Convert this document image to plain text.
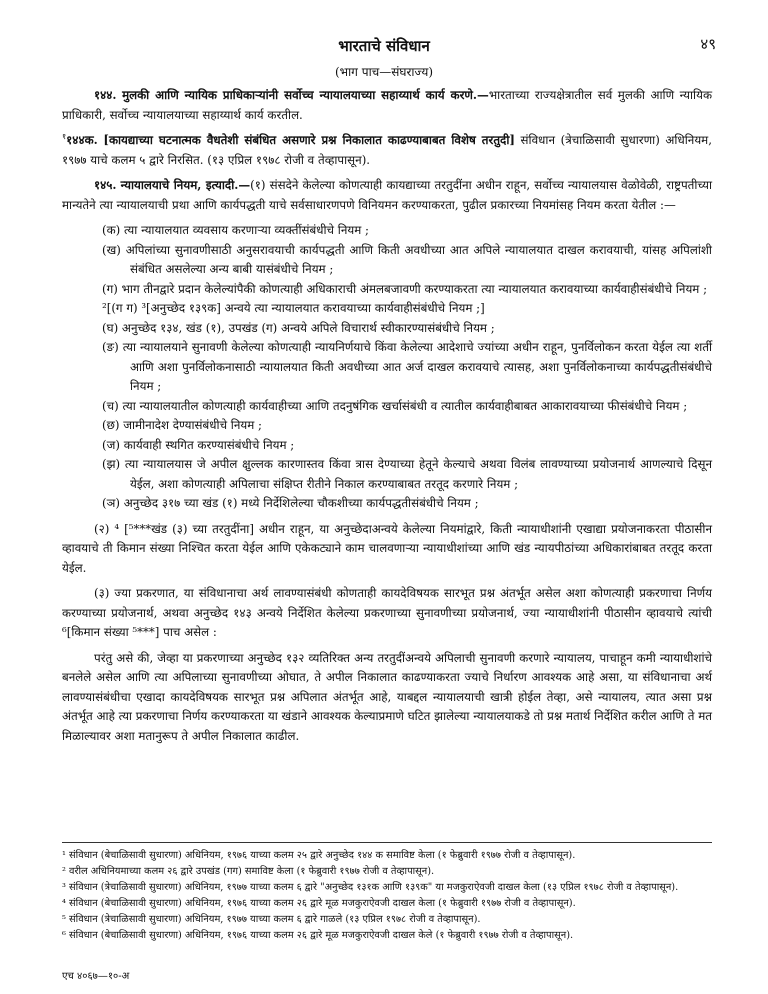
भारताचे संविधान	४९
(भाग पाच—संघराज्य)

१४४. मुलकी आणि न्यायिक प्राधिकाऱ्यांनी सर्वोच्च न्यायालयाच्या सहाय्यार्थ कार्य करणे.—भारताच्या राज्यक्षेत्रातील सर्व मुलकी आणि न्यायिक प्राधिकारी, सर्वोच्च न्यायालयाच्या सहाय्यार्थ कार्य करतील.

$^१$१४४क. [कायद्याच्या घटनात्मक वैधतेशी संबंधित असणारे प्रश्न निकालात काढण्याबाबत विशेष तरतुदी] संविधान (त्रेचाळिसावी सुधारणा) अधिनियम, १९७७ याचे कलम ५ द्वारे निरसित. (१३ एप्रिल १९७८ रोजी व तेव्हापासून).

१४५. न्यायालयाचे नियम, इत्यादी.—(१) संसदेने केलेल्या कोणत्याही कायद्याच्या तरतुदींना अधीन राहून, सर्वोच्च न्यायालयास वेळोवेळी, राष्ट्रपतीच्या मान्यतेने त्या न्यायालयाची प्रथा आणि कार्यपद्धती याचे सर्वसाधारणपणे विनियमन करण्याकरता, पुढील प्रकारच्या नियमांसह नियम करता येतील :—

(क) त्या न्यायालयात व्यवसाय करणाऱ्या व्यक्तींसंबंधीचे नियम ;

(ख) अपिलांच्या सुनावणीसाठी अनुसरावयाची कार्यपद्धती आणि किती अवधीच्या आत अपिले न्यायालयात दाखल करावयाची, यांसह अपिलांशी संबंधित असलेल्या अन्य बाबी यासंबंधीचे नियम ;

(ग) भाग तीनद्वारे प्रदान केलेल्यांपैकी कोणत्याही अधिकाराची अंमलबजावणी करण्याकरता त्या न्यायालयात करावयाच्या कार्यवाहीसंबंधीचे नियम ;

²[(ग ग) ³[अनुच्छेद १३९क] अन्वये त्या न्यायालयात करावयाच्या कार्यवाहीसंबंधीचे नियम ;]

(घ) अनुच्छेद १३४, खंड (१), उपखंड (ग) अन्वये अपिले विचारार्थ स्वीकारण्यासंबंधीचे नियम ;

(ङ) त्या न्यायालयाने सुनावणी केलेल्या कोणत्याही न्यायनिर्णयाचे किंवा केलेल्या आदेशाचे ज्यांच्या अधीन राहून, पुनर्विलोकन करता येईल त्या शर्ती आणि अशा पुनर्विलोकनासाठी न्यायालयात किती अवधीच्या आत अर्ज दाखल करावयाचे त्यासह, अशा पुनर्विलोकनाच्या कार्यपद्धतीसंबंधीचे नियम ;

(च) त्या न्यायालयातील कोणत्याही कार्यवाहीच्या आणि तदनुषंगिक खर्चासंबंधी व त्यातील कार्यवाहीबाबत आकारावयाच्या फीसंबंधीचे नियम ;

(छ) जामीनादेश देण्यासंबंधीचे नियम ;

(ज) कार्यवाही स्थगित करण्यासंबंधीचे नियम ;

(झ) त्या न्यायालयास जे अपील क्षुल्लक कारणास्तव किंवा त्रास देण्याच्या हेतूने केल्याचे अथवा विलंब लावण्याच्या प्रयोजनार्थ आणल्याचे दिसून येईल, अशा कोणत्याही अपिलाचा संक्षिप्त रीतीने निकाल करण्याबाबत तरतूद करणारे नियम ;

(ञ) अनुच्छेद ३१७ च्या खंड (१) मध्ये निर्देशिलेल्या चौकशीच्या कार्यपद्धतीसंबंधीचे नियम ;

(२) ⁴ [⁵***खंड (३) च्या तरतुदींना] अधीन राहून, या अनुच्छेदाअन्वये केलेल्या नियमांद्वारे, किती न्यायाधीशांनी एखाद्या प्रयोजनाकरता पीठासीन व्हावयाचे ती किमान संख्या निश्चित करता येईल आणि एकेकट्याने काम चालवणाऱ्या न्यायाधीशांच्या आणि खंड न्यायपीठांच्या अधिकारांबाबत तरतूद करता येईल.

(३) ज्या प्रकरणात, या संविधानाचा अर्थ लावण्यासंबंधी कोणताही कायदेविषयक सारभूत प्रश्न अंतर्भूत असेल अशा कोणत्याही प्रकरणाचा निर्णय करण्याच्या प्रयोजनार्थ, अथवा अनुच्छेद १४३ अन्वये निर्देशित केलेल्या प्रकरणाच्या सुनावणीच्या प्रयोजनार्थ, ज्या न्यायाधीशांनी पीठासीन व्हावयाचे त्यांची ⁶[किमान संख्या ⁵***] पाच असेल :

परंतु असे की, जेव्हा या प्रकरणाच्या अनुच्छेद १३२ व्यतिरिक्त अन्य तरतुदींअन्वये अपिलाची सुनावणी करणारे न्यायालय, पाचाहून कमी न्यायाधीशांचे बनलेले असेल आणि त्या अपिलाच्या सुनावणीच्या ओघात, ते अपील निकालात काढण्याकरता ज्याचे निर्धारण आवश्यक आहे असा, या संविधानाचा अर्थ लावण्यासंबंधीचा एखादा कायदेविषयक सारभूत प्रश्न अपिलात अंतर्भूत आहे, याबद्दल न्यायालयाची खात्री होईल तेव्हा, असे न्यायालय, त्यात असा प्रश्न अंतर्भूत आहे त्या प्रकरणाचा निर्णय करण्याकरता या खंडाने आवश्यक केल्याप्रमाणे घटित झालेल्या न्यायालयाकडे तो प्रश्न मतार्थ निर्देशित करील आणि ते मत मिळाल्यावर अशा मतानुरूप ते अपील निकालात काढील.

¹ संविधान (बेचाळिसावी सुधारणा) अधिनियम, १९७६ याच्या कलम २५ द्वारे अनुच्छेद १४४ क समाविष्ट केला (१ फेब्रुवारी १९७७ रोजी व तेव्हापासून).
² वरील अधिनियमाच्या कलम २६ द्वारे उपखंड (गग) समाविष्ट केला (१ फेब्रुवारी १९७७ रोजी व तेव्हापासून).
³ संविधान (त्रेचाळिसावी सुधारणा) अधिनियम, १९७७ याच्या कलम ६ द्वारे "अनुच्छेद १३१क आणि १३९क" या मजकुराऐवजी दाखल केला (१३ एप्रिल १९७८ रोजी व तेव्हापासून).
⁴ संविधान (बेचाळिसावी सुधारणा) अधिनियम, १९७६ याच्या कलम २६ द्वारे मूळ मजकुराऐवजी दाखल केला (१ फेब्रुवारी १९७७ रोजी व तेव्हापासून).
⁵ संविधान (त्रेचाळिसावी सुधारणा) अधिनियम, १९७७ याच्या कलम ६ द्वारे गाळले (१३ एप्रिल १९७८ रोजी व तेव्हापासून).
⁶ संविधान (बेचाळिसावी सुधारणा) अधिनियम, १९७६ याच्या कलम २६ द्वारे मूळ मजकुराऐवजी दाखल केले (१ फेब्रुवारी १९७७ रोजी व तेव्हापासून).
एच ४०६७—१०-अ
